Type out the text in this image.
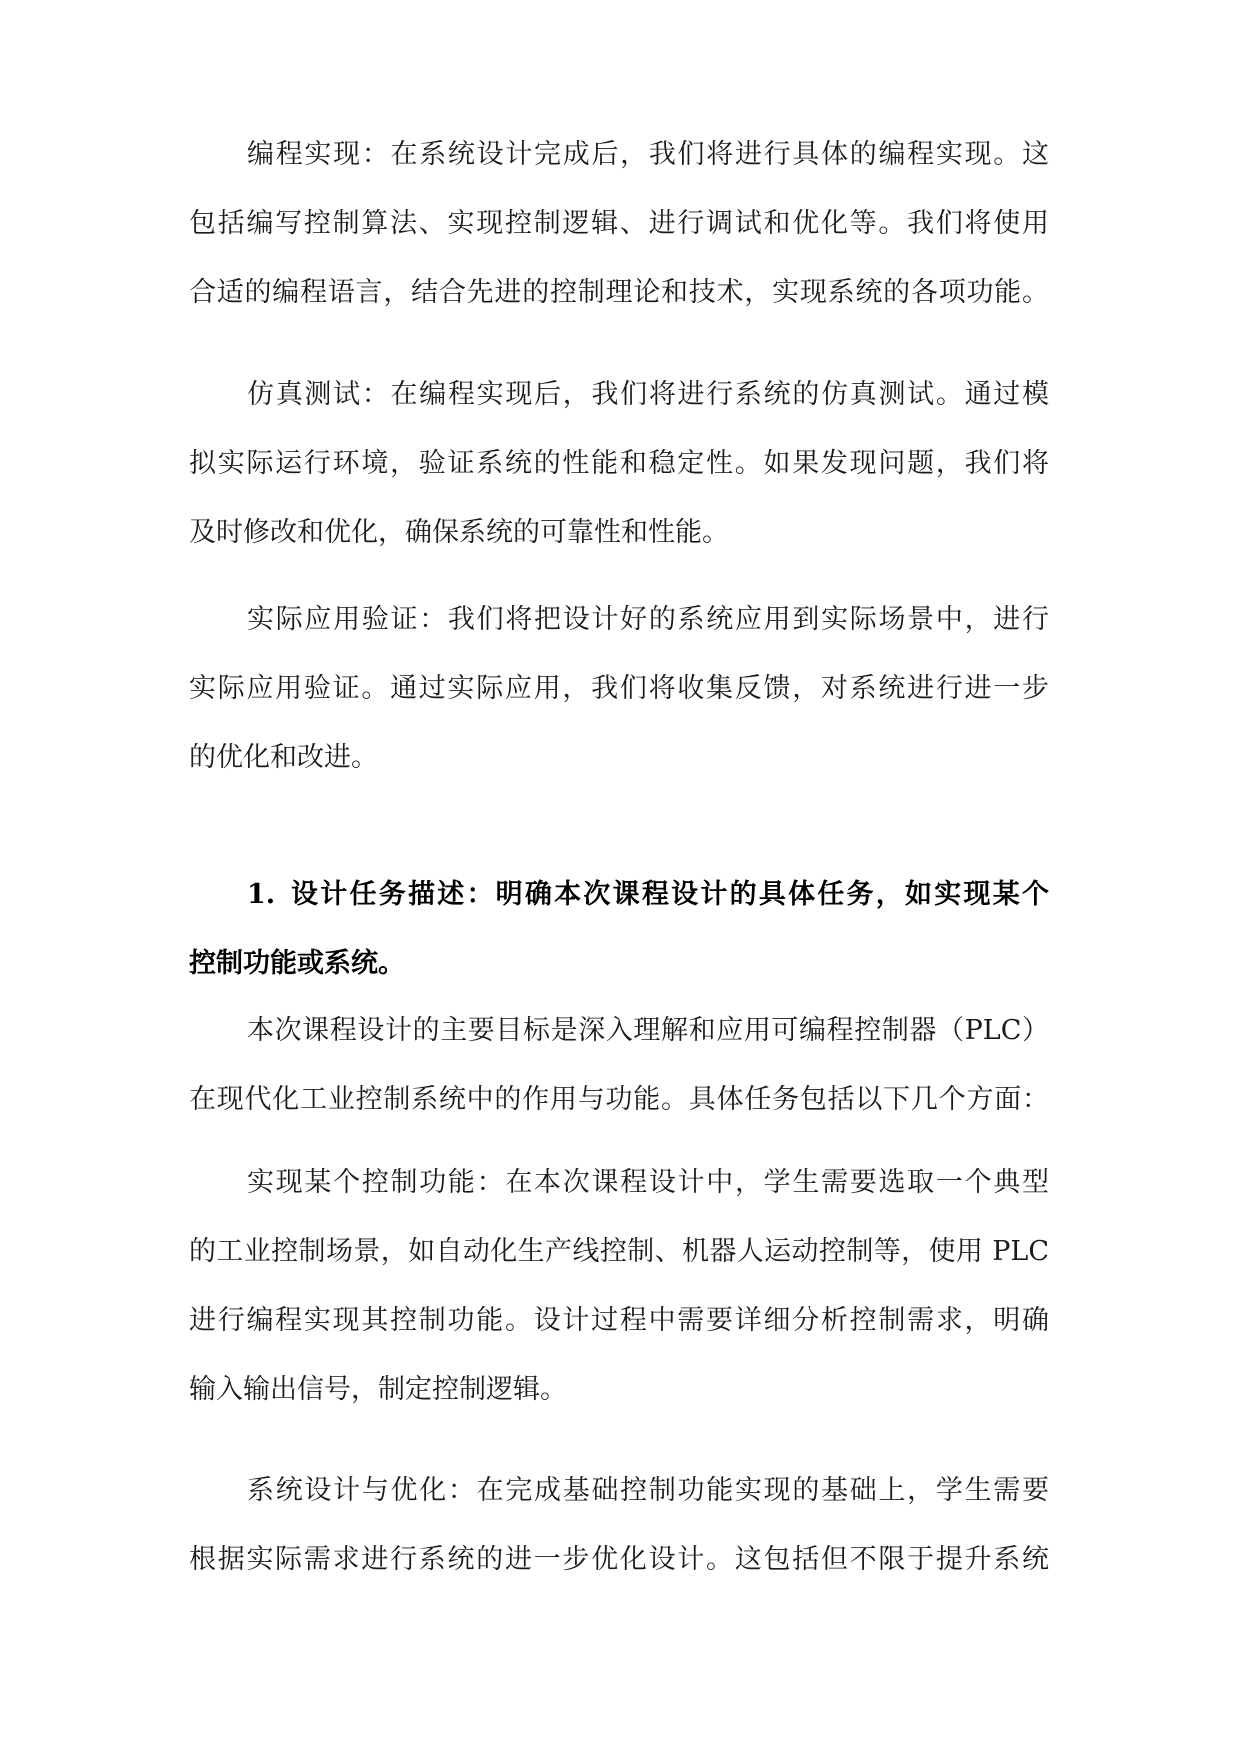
编程实现：在系统设计完成后，我们将进行具体的编程实现。这

包括编写控制算法、实现控制逻辑、进行调试和优化等。我们将使用

合适的编程语言，结合先进的控制理论和技术，实现系统的各项功能。

仿真测试：在编程实现后，我们将进行系统的仿真测试。通过模

拟实际运行环境，验证系统的性能和稳定性。如果发现问题，我们将

及时修改和优化，确保系统的可靠性和性能。

实际应用验证：我们将把设计好的系统应用到实际场景中，进行

实际应用验证。通过实际应用，我们将收集反馈，对系统进行进一步

的优化和改进。

1. 设计任务描述：明确本次课程设计的具体任务，如实现某个

控制功能或系统。

本次课程设计的主要目标是深入理解和应用可编程控制器（PLC）

在现代化工业控制系统中的作用与功能。具体任务包括以下几个方面：

实现某个控制功能：在本次课程设计中，学生需要选取一个典型

的工业控制场景，如自动化生产线控制、机器人运动控制等，使用 PLC

进行编程实现其控制功能。设计过程中需要详细分析控制需求，明确

输入输出信号，制定控制逻辑。

系统设计与优化：在完成基础控制功能实现的基础上，学生需要

根据实际需求进行系统的进一步优化设计。这包括但不限于提升系统
